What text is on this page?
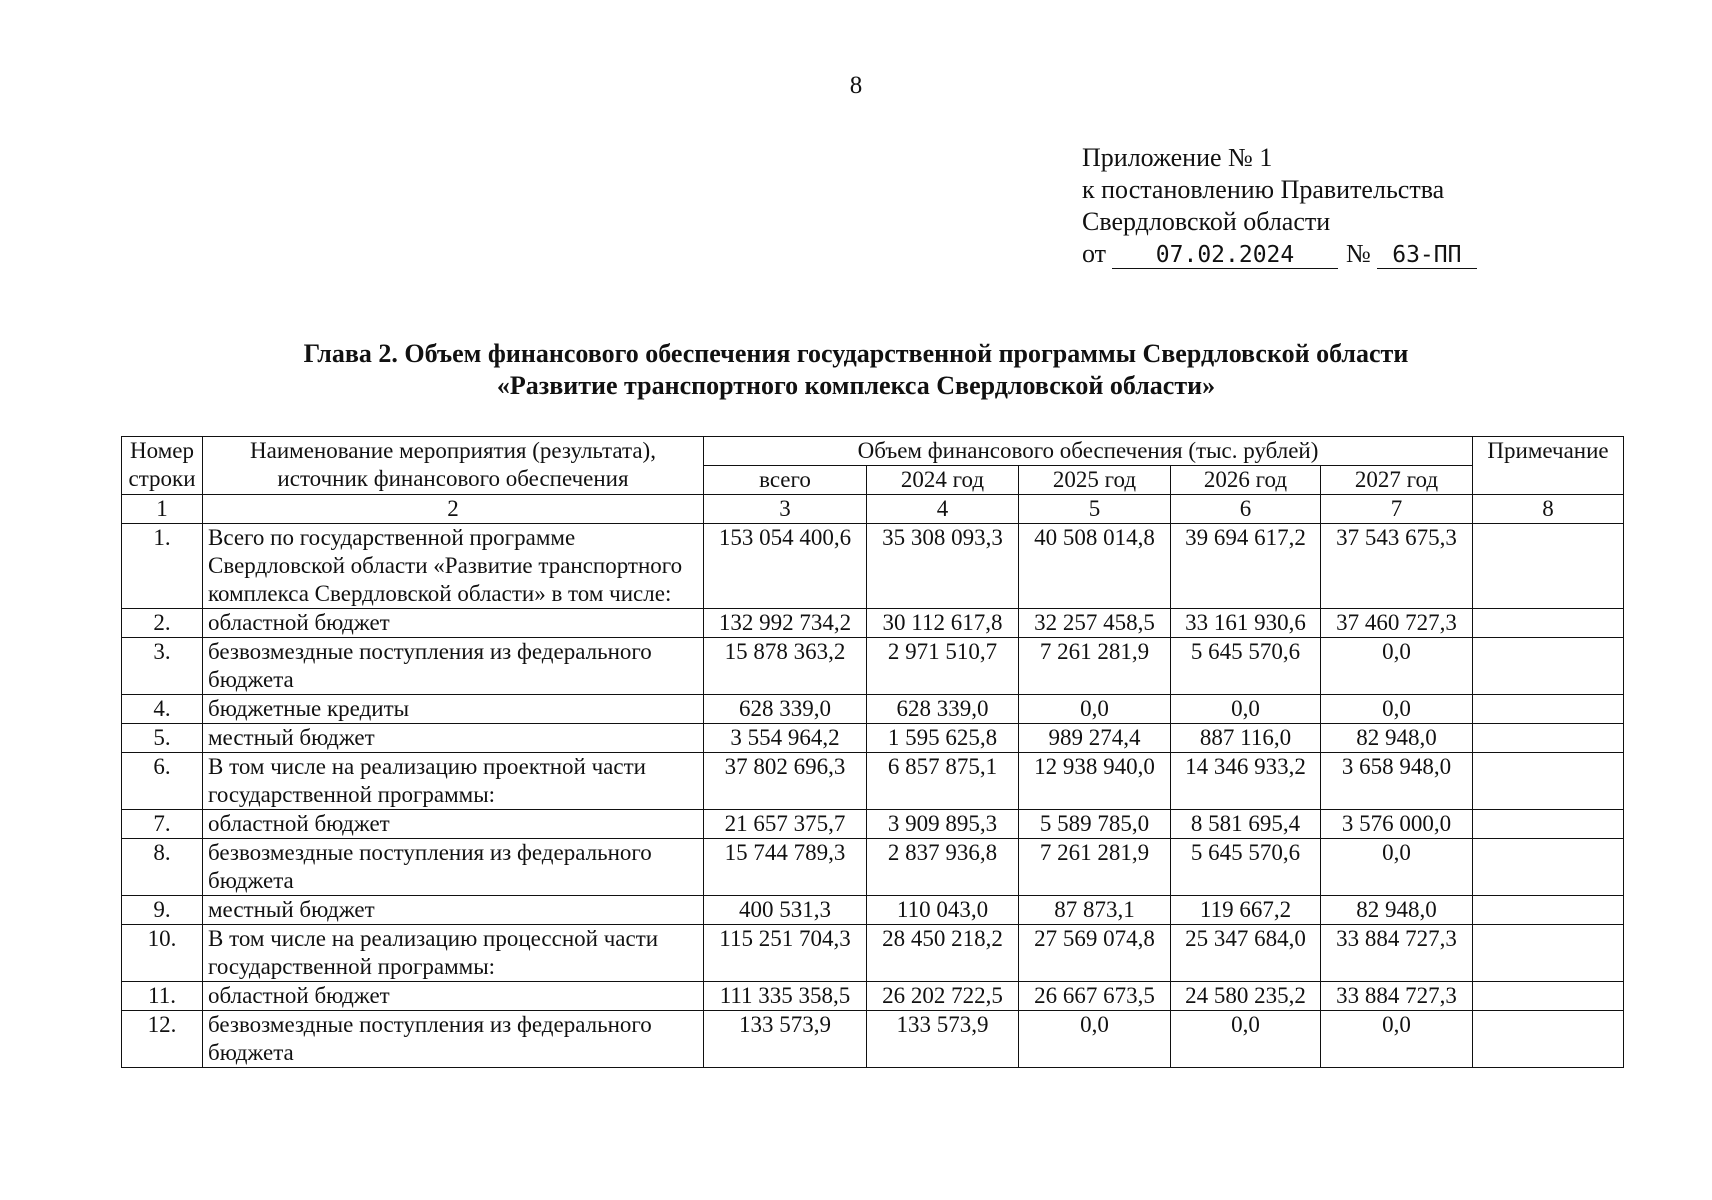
8
Приложение № 1
к постановлению Правительства
Свердловской области
от 07.02.2024 № 63-ПП
Глава 2. Объем финансового обеспечения государственной программы Свердловской области
«Развитие транспортного комплекса Свердловской области»
Номер строки	Наименование мероприятия (результата), источник финансового обеспечения	Объем финансового обеспечения (тыс. рублей)					Примечание
		всего	2024 год	2025 год	2026 год	2027 год	
1	2	3	4	5	6	7	8
1.	Всего по государственной программе Свердловской области «Развитие транспортного комплекса Свердловской области» в том числе:	153 054 400,6	35 308 093,3	40 508 014,8	39 694 617,2	37 543 675,3	
2.	областной бюджет	132 992 734,2	30 112 617,8	32 257 458,5	33 161 930,6	37 460 727,3	
3.	безвозмездные поступления из федерального бюджета	15 878 363,2	2 971 510,7	7 261 281,9	5 645 570,6	0,0	
4.	бюджетные кредиты	628 339,0	628 339,0	0,0	0,0	0,0	
5.	местный бюджет	3 554 964,2	1 595 625,8	989 274,4	887 116,0	82 948,0	
6.	В том числе на реализацию проектной части государственной программы:	37 802 696,3	6 857 875,1	12 938 940,0	14 346 933,2	3 658 948,0	
7.	областной бюджет	21 657 375,7	3 909 895,3	5 589 785,0	8 581 695,4	3 576 000,0	
8.	безвозмездные поступления из федерального бюджета	15 744 789,3	2 837 936,8	7 261 281,9	5 645 570,6	0,0	
9.	местный бюджет	400 531,3	110 043,0	87 873,1	119 667,2	82 948,0	
10.	В том числе на реализацию процессной части государственной программы:	115 251 704,3	28 450 218,2	27 569 074,8	25 347 684,0	33 884 727,3	
11.	областной бюджет	111 335 358,5	26 202 722,5	26 667 673,5	24 580 235,2	33 884 727,3	
12.	безвозмездные поступления из федерального бюджета	133 573,9	133 573,9	0,0	0,0	0,0	
